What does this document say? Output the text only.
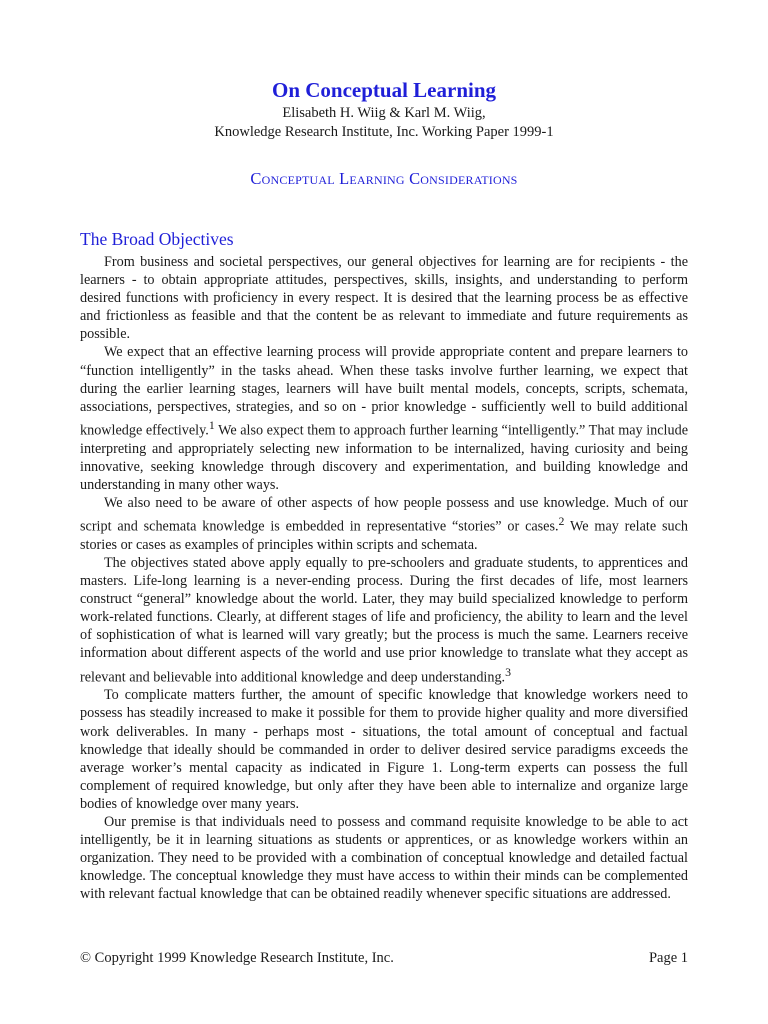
On Conceptual Learning
Elisabeth H. Wiig & Karl M. Wiig,
Knowledge Research Institute, Inc. Working Paper 1999-1
Conceptual Learning Considerations
The Broad Objectives

From business and societal perspectives, our general objectives for learning are for recipients - the learners - to obtain appropriate attitudes, perspectives, skills, insights, and understanding to perform desired functions with proficiency in every respect. It is desired that the learning process be as effective and frictionless as feasible and that the content be as relevant to immediate and future requirements as possible.

We expect that an effective learning process will provide appropriate content and prepare learners to “function intelligently” in the tasks ahead. When these tasks involve further learning, we expect that during the earlier learning stages, learners will have built mental models, concepts, scripts, schemata, associations, perspectives, strategies, and so on - prior knowledge - sufficiently well to build additional knowledge effectively.$^1$ We also expect them to approach further learning “intelligently.” That may include interpreting and appropriately selecting new information to be internalized, having curiosity and being innovative, seeking knowledge through discovery and experimentation, and building knowledge and understanding in many other ways.

We also need to be aware of other aspects of how people possess and use knowledge. Much of our script and schemata knowledge is embedded in representative “stories” or cases.$^2$ We may relate such stories or cases as examples of principles within scripts and schemata.

The objectives stated above apply equally to pre-schoolers and graduate students, to apprentices and masters. Life-long learning is a never-ending process. During the first decades of life, most learners construct “general” knowledge about the world. Later, they may build specialized knowledge to perform work-related functions. Clearly, at different stages of life and proficiency, the ability to learn and the level of sophistication of what is learned will vary greatly; but the process is much the same. Learners receive information about different aspects of the world and use prior knowledge to translate what they accept as relevant and believable into additional knowledge and deep understanding.$^3$

To complicate matters further, the amount of specific knowledge that knowledge workers need to possess has steadily increased to make it possible for them to provide higher quality and more diversified work deliverables. In many - perhaps most - situations, the total amount of conceptual and factual knowledge that ideally should be commanded in order to deliver desired service paradigms exceeds the average worker’s mental capacity as indicated in Figure 1. Long-term experts can possess the full complement of required knowledge, but only after they have been able to internalize and organize large bodies of knowledge over many years.

Our premise is that individuals need to possess and command requisite knowledge to be able to act intelligently, be it in learning situations as students or apprentices, or as knowledge workers within an organization. They need to be provided with a combination of conceptual knowledge and detailed factual knowledge. The conceptual knowledge they must have access to within their minds can be complemented with relevant factual knowledge that can be obtained readily whenever specific situations are addressed.

© Copyright 1999 Knowledge Research Institute, Inc.	Page 1
